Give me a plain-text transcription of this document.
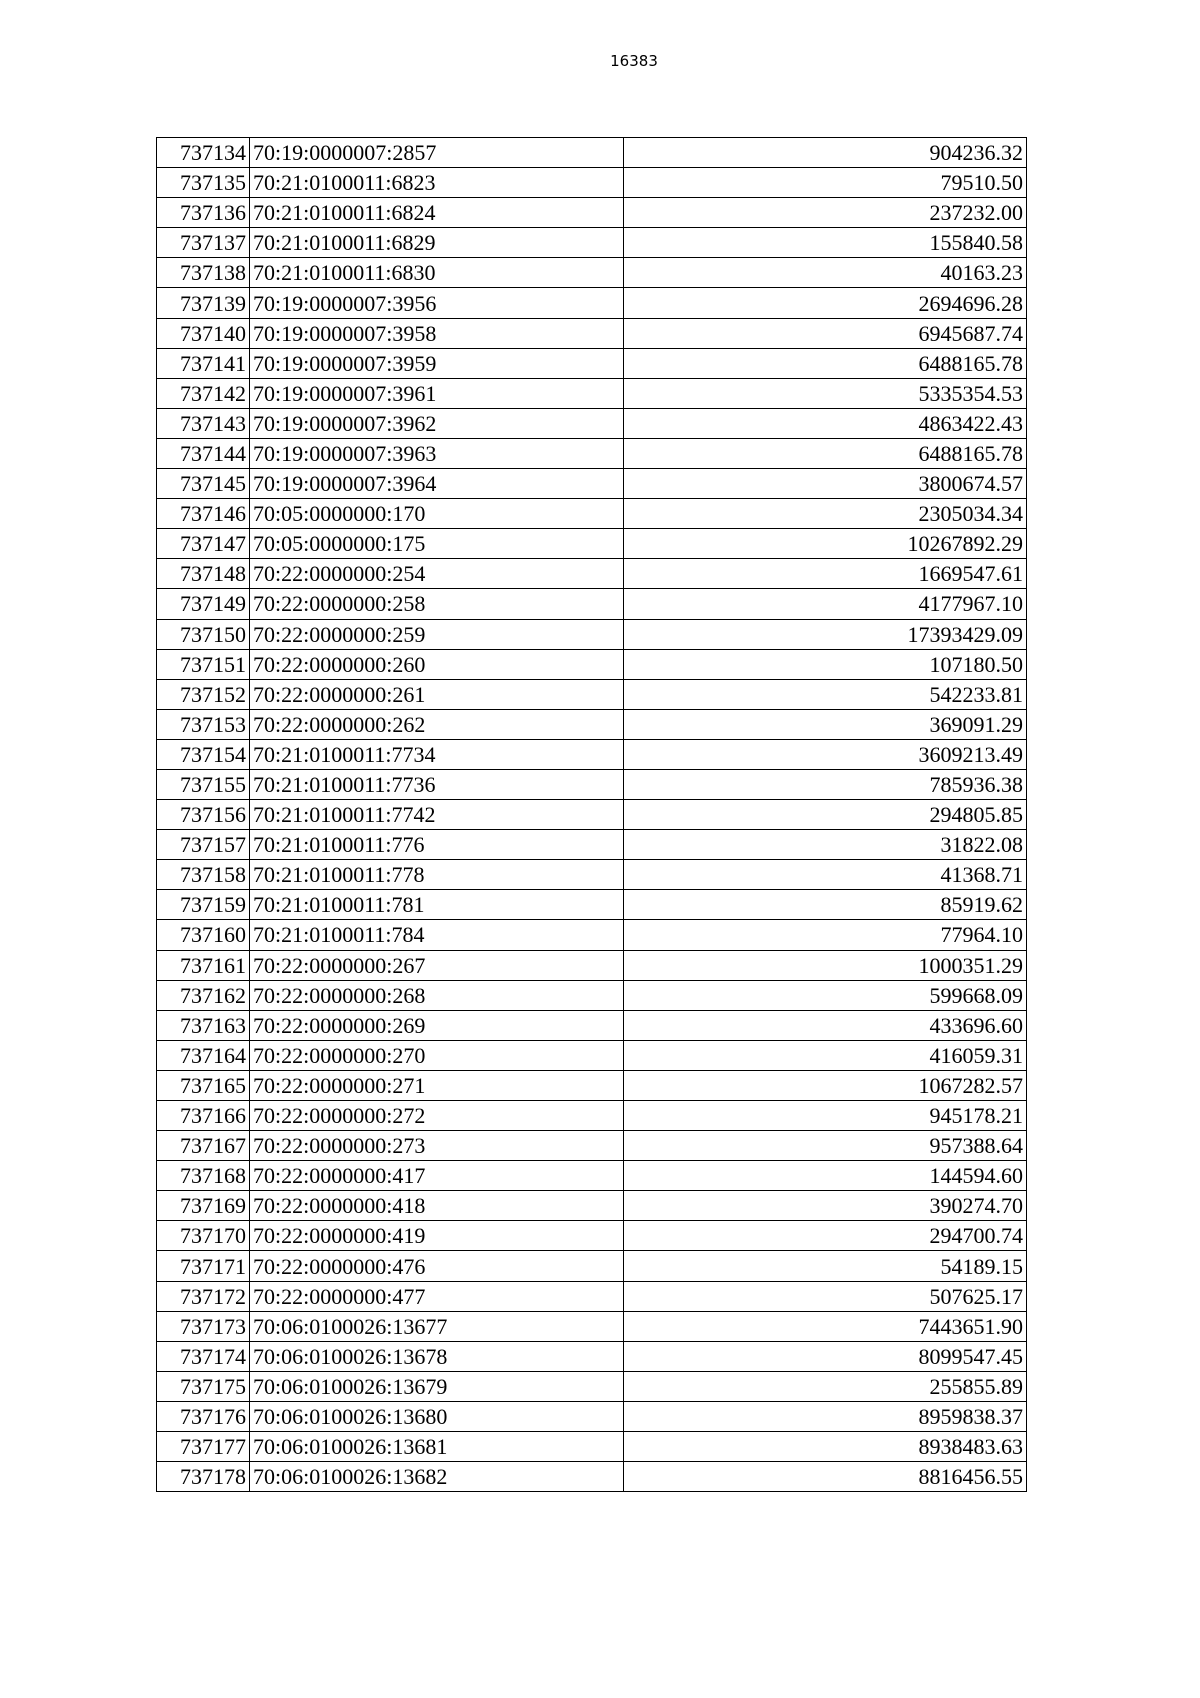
16383
737134	70:19:0000007:2857	904236.32
737135	70:21:0100011:6823	79510.50
737136	70:21:0100011:6824	237232.00
737137	70:21:0100011:6829	155840.58
737138	70:21:0100011:6830	40163.23
737139	70:19:0000007:3956	2694696.28
737140	70:19:0000007:3958	6945687.74
737141	70:19:0000007:3959	6488165.78
737142	70:19:0000007:3961	5335354.53
737143	70:19:0000007:3962	4863422.43
737144	70:19:0000007:3963	6488165.78
737145	70:19:0000007:3964	3800674.57
737146	70:05:0000000:170	2305034.34
737147	70:05:0000000:175	10267892.29
737148	70:22:0000000:254	1669547.61
737149	70:22:0000000:258	4177967.10
737150	70:22:0000000:259	17393429.09
737151	70:22:0000000:260	107180.50
737152	70:22:0000000:261	542233.81
737153	70:22:0000000:262	369091.29
737154	70:21:0100011:7734	3609213.49
737155	70:21:0100011:7736	785936.38
737156	70:21:0100011:7742	294805.85
737157	70:21:0100011:776	31822.08
737158	70:21:0100011:778	41368.71
737159	70:21:0100011:781	85919.62
737160	70:21:0100011:784	77964.10
737161	70:22:0000000:267	1000351.29
737162	70:22:0000000:268	599668.09
737163	70:22:0000000:269	433696.60
737164	70:22:0000000:270	416059.31
737165	70:22:0000000:271	1067282.57
737166	70:22:0000000:272	945178.21
737167	70:22:0000000:273	957388.64
737168	70:22:0000000:417	144594.60
737169	70:22:0000000:418	390274.70
737170	70:22:0000000:419	294700.74
737171	70:22:0000000:476	54189.15
737172	70:22:0000000:477	507625.17
737173	70:06:0100026:13677	7443651.90
737174	70:06:0100026:13678	8099547.45
737175	70:06:0100026:13679	255855.89
737176	70:06:0100026:13680	8959838.37
737177	70:06:0100026:13681	8938483.63
737178	70:06:0100026:13682	8816456.55
